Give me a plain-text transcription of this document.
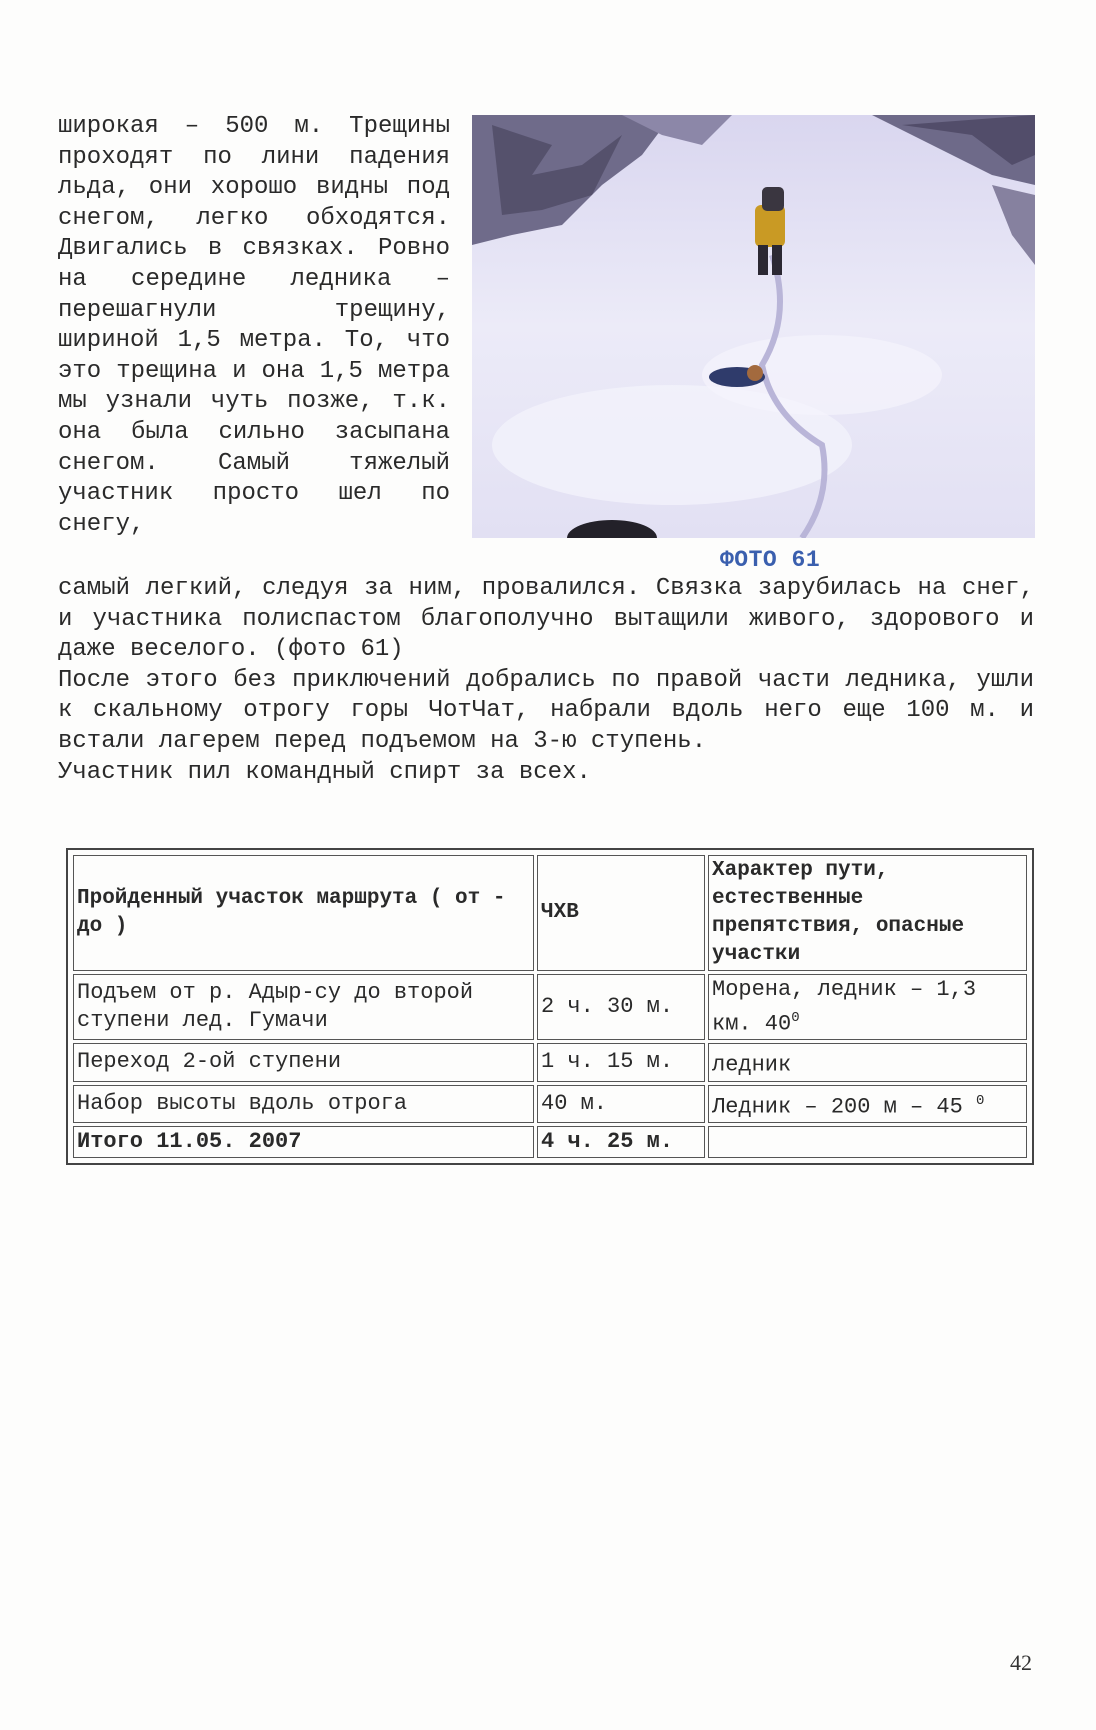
широкая – 500 м. Трещины проходят по лини падения льда, они хорошо видны под снегом, легко обходятся. Двигались в связках. Ровно на середине ледника – перешагнули трещину, шириной 1,5 метра. То, что это трещина и она 1,5 метра мы узнали чуть позже, т.к. она была сильно засыпана снегом. Самый тяжелый участник просто шел по снегу,

ФОТО 61

самый легкий, следуя за ним, провалился. Связка зарубилась на снег, и участника полиспастом благополучно вытащили живого, здорового и даже веселого. (фото 61)

После этого без приключений добрались по правой части ледника, ушли к скальному отрогу горы ЧотЧат, набрали вдоль него еще 100 м. и встали лагерем перед подъемом на 3-ю ступень.

Участник пил командный спирт за всех.

Пройденный участок маршрута ( от - до )	ЧХВ	Характер пути, естественные препятствия, опасные участки
Подъем от р. Адыр-су до второй ступени лед. Гумачи	2 ч. 30 м.	Морена, ледник – 1,3 км. $40^0$
Переход 2-ой ступени	1 ч. 15 м.	ледник
Набор высоты вдоль отрога	40 м.	Ледник – 200 м – 45 $^0$
Итого 11.05. 2007	4 ч. 25 м.	
42
